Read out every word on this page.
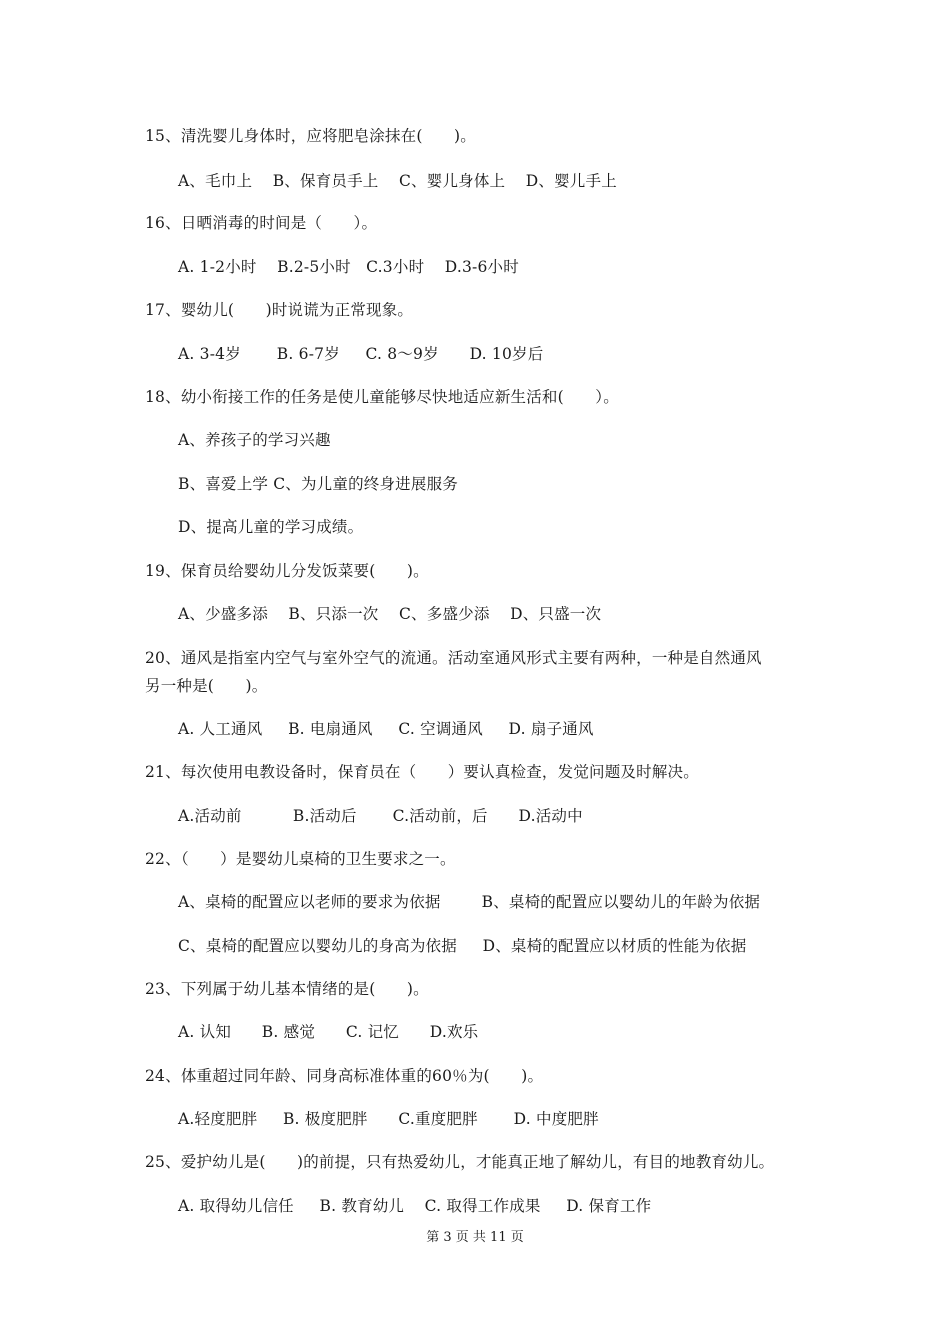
15、清洗婴儿身体时，应将肥皂涂抹在(　　)。
A、毛巾上    B、保育员手上    C、婴儿身体上    D、婴儿手上
16、日晒消毒的时间是（　　）。
A. 1-2小时    B.2-5小时   C.3小时    D.3-6小时
17、婴幼儿(　　)时说谎为正常现象。
A. 3-4岁       B. 6-7岁     C. 8～9岁      D. 10岁后
18、幼小衔接工作的任务是使儿童能够尽快地适应新生活和(　　）。
A、养孩子的学习兴趣
B、喜爱上学 C、为儿童的终身进展服务
D、提高儿童的学习成绩。
19、保育员给婴幼儿分发饭菜要(　　)。
A、少盛多添    B、只添一次    C、多盛少添    D、只盛一次
20、通风是指室内空气与室外空气的流通。活动室通风形式主要有两种，一种是自然通风
另一种是(　　)。
A. 人工通风     B. 电扇通风     C. 空调通风     D. 扇子通风
21、每次使用电教设备时，保育员在（　　）要认真检查，发觉问题及时解决。
A.活动前          B.活动后       C.活动前，后      D.活动中
22、（　　）是婴幼儿桌椅的卫生要求之一。
A、桌椅的配置应以老师的要求为依据        B、桌椅的配置应以婴幼儿的年龄为依据
C、桌椅的配置应以婴幼儿的身高为依据     D、桌椅的配置应以材质的性能为依据
23、下列属于幼儿基本情绪的是(　　)。
A. 认知      B. 感觉      C. 记忆      D.欢乐
24、体重超过同年龄、同身高标准体重的60％为(　　)。
A.轻度肥胖     B. 极度肥胖      C.重度肥胖       D. 中度肥胖
25、爱护幼儿是(　　)的前提，只有热爱幼儿，才能真正地了解幼儿，有目的地教育幼儿。
A. 取得幼儿信任     B. 教育幼儿    C. 取得工作成果     D. 保育工作
第 3 页 共 11 页
